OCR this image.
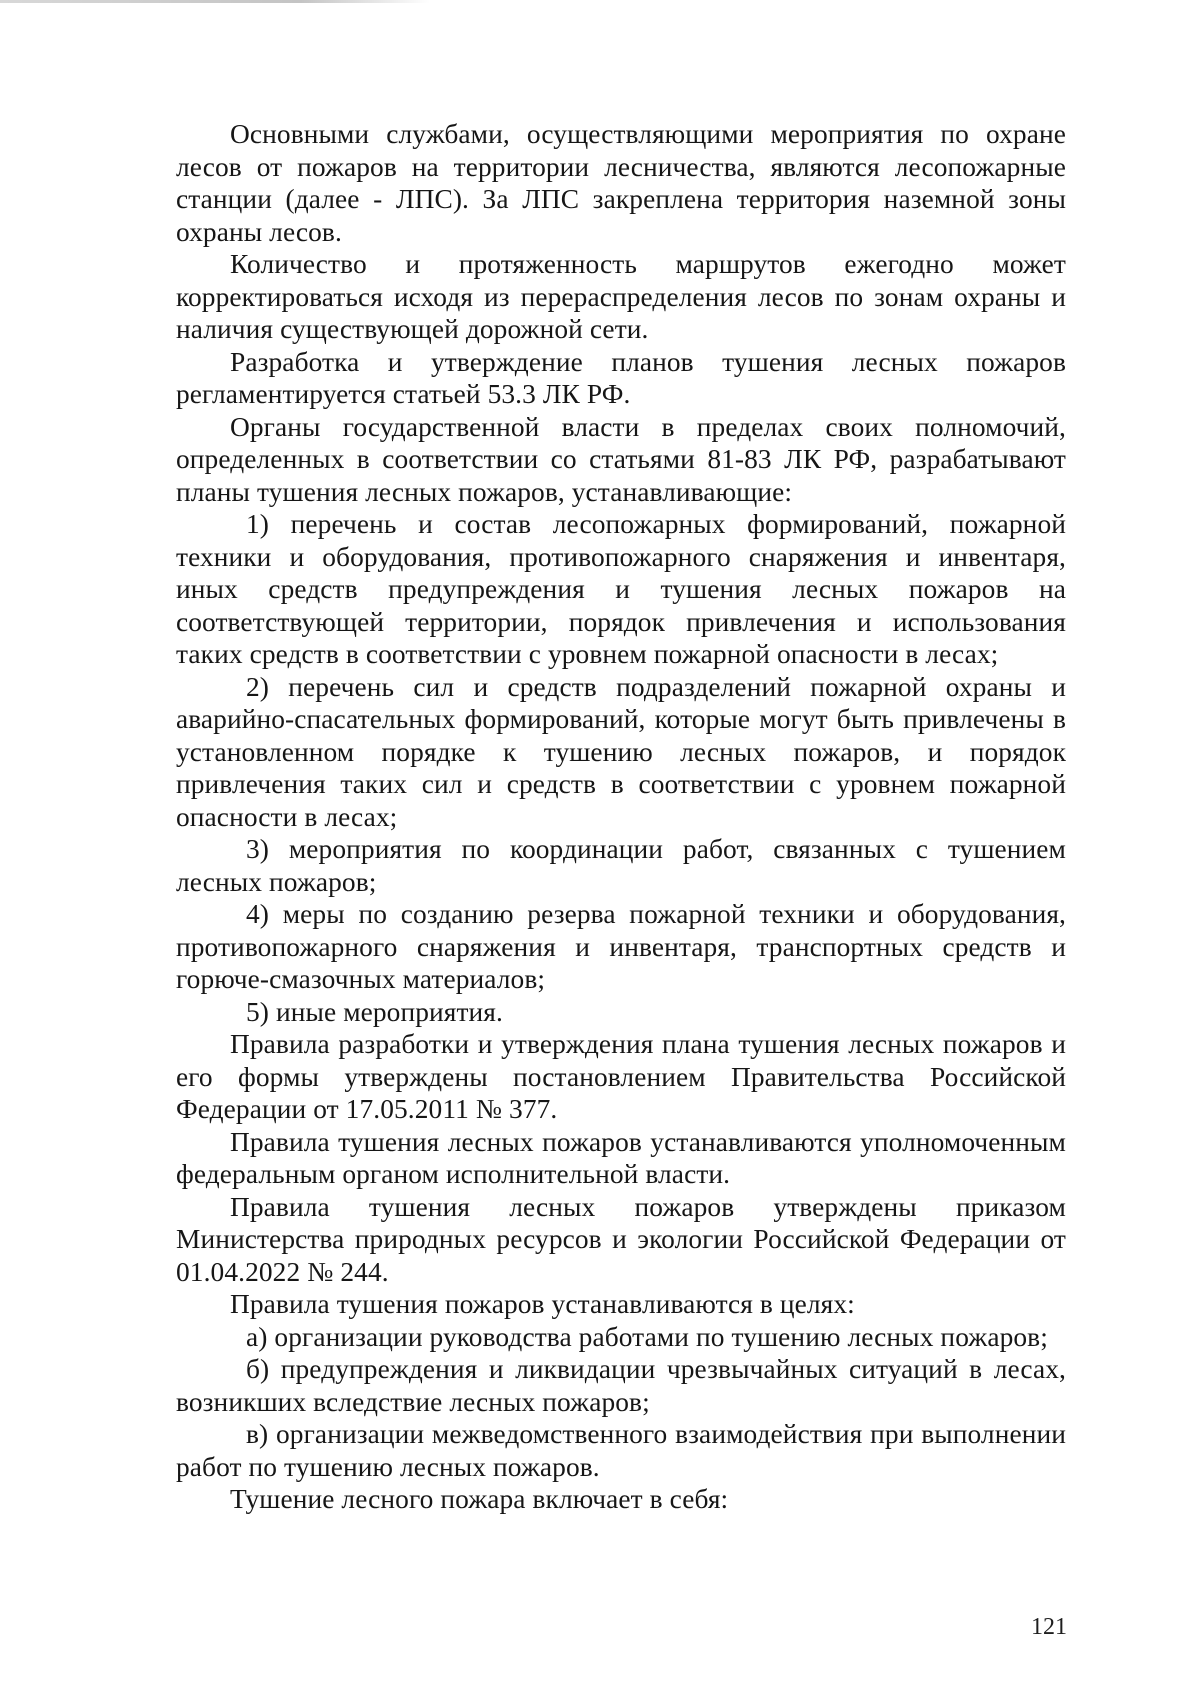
Основными службами, осуществляющими мероприятия по охране лесов от пожаров на территории лесничества, являются лесопожарные станции (далее - ЛПС). За ЛПС закреплена территория наземной зоны охраны лесов.

Количество и протяженность маршрутов ежегодно может корректироваться исходя из перераспределения лесов по зонам охраны и наличия существующей дорожной сети.

Разработка и утверждение планов тушения лесных пожаров регламентируется статьей 53.3 ЛК РФ.

Органы государственной власти в пределах своих полномочий, определенных в соответствии со статьями 81-83 ЛК РФ, разрабатывают планы тушения лесных пожаров, устанавливающие:

1) перечень и состав лесопожарных формирований, пожарной техники и оборудования, противопожарного снаряжения и инвентаря, иных средств предупреждения и тушения лесных пожаров на соответствующей территории, порядок привлечения и использования таких средств в соответствии с уровнем пожарной опасности в лесах;

2) перечень сил и средств подразделений пожарной охраны и аварийно-спасательных формирований, которые могут быть привлечены в установленном порядке к тушению лесных пожаров, и порядок привлечения таких сил и средств в соответствии с уровнем пожарной опасности в лесах;

3) мероприятия по координации работ, связанных с тушением лесных пожаров;

4) меры по созданию резерва пожарной техники и оборудования, противопожарного снаряжения и инвентаря, транспортных средств и горюче-смазочных материалов;

5) иные мероприятия.

Правила разработки и утверждения плана тушения лесных пожаров и его формы утверждены постановлением Правительства Российской Федерации от 17.05.2011 № 377.

Правила тушения лесных пожаров устанавливаются уполномоченным федеральным органом исполнительной власти.

Правила тушения лесных пожаров утверждены приказом Министерства природных ресурсов и экологии Российской Федерации от 01.04.2022 № 244.

Правила тушения пожаров устанавливаются в целях:

а) организации руководства работами по тушению лесных пожаров;

б) предупреждения и ликвидации чрезвычайных ситуаций в лесах, возникших вследствие лесных пожаров;

в) организации межведомственного взаимодействия при выполнении работ по тушению лесных пожаров.

Тушение лесного пожара включает в себя:

121
